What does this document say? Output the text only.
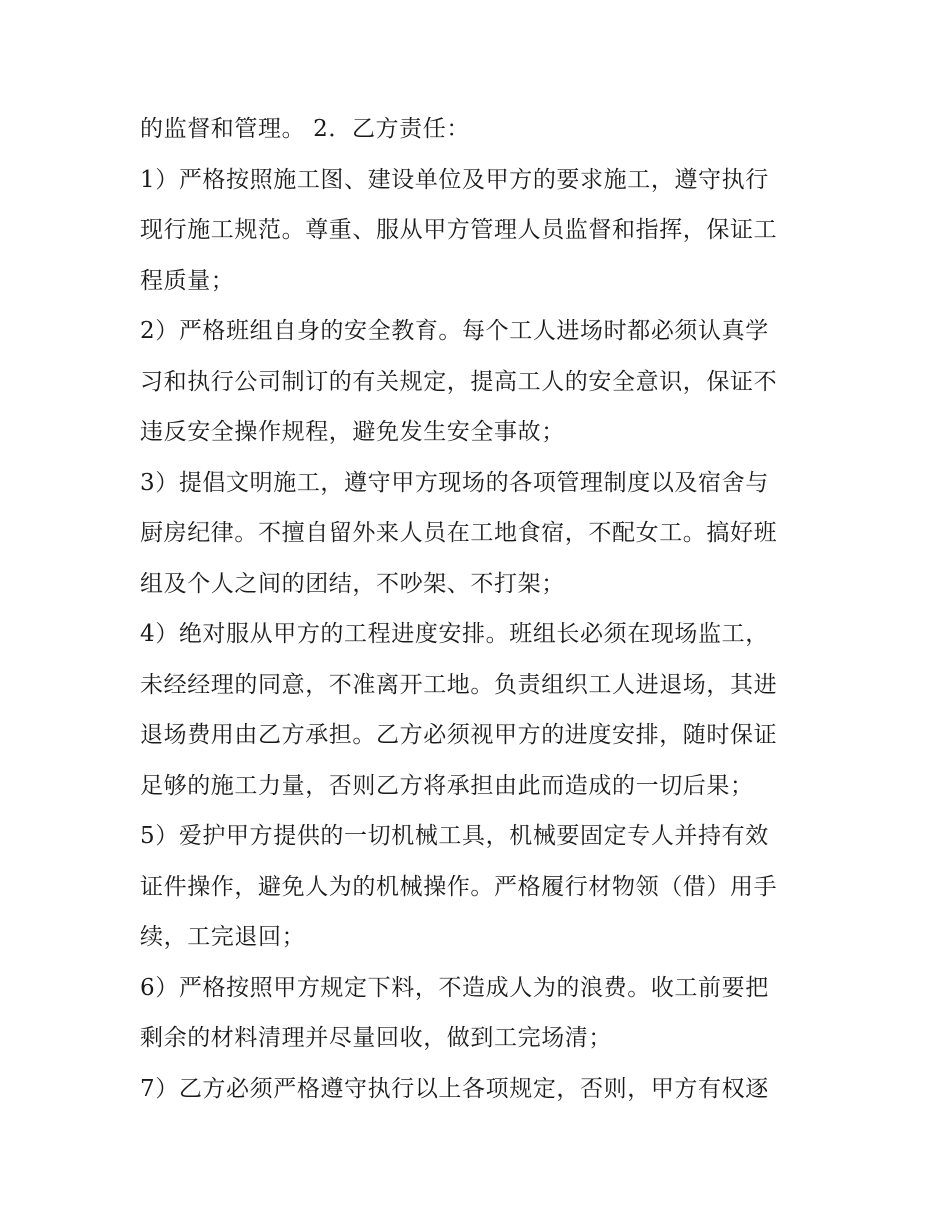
的监督和管理。 2．乙方责任：
1）严格按照施工图、建设单位及甲方的要求施工，遵守执行
现行施工规范。尊重、服从甲方管理人员监督和指挥，保证工
程质量；
2）严格班组自身的安全教育。每个工人进场时都必须认真学
习和执行公司制订的有关规定，提高工人的安全意识，保证不
违反安全操作规程，避免发生安全事故；
3）提倡文明施工，遵守甲方现场的各项管理制度以及宿舍与
厨房纪律。不擅自留外来人员在工地食宿，不配女工。搞好班
组及个人之间的团结，不吵架、不打架；
4）绝对服从甲方的工程进度安排。班组长必须在现场监工，
未经经理的同意，不准离开工地。负责组织工人进退场，其进
退场费用由乙方承担。乙方必须视甲方的进度安排，随时保证
足够的施工力量，否则乙方将承担由此而造成的一切后果；
5）爱护甲方提供的一切机械工具，机械要固定专人并持有效
证件操作，避免人为的机械操作。严格履行材物领（借）用手
续，工完退回；
6）严格按照甲方规定下料，不造成人为的浪费。收工前要把
剩余的材料清理并尽量回收，做到工完场清；
7）乙方必须严格遵守执行以上各项规定，否则，甲方有权逐
